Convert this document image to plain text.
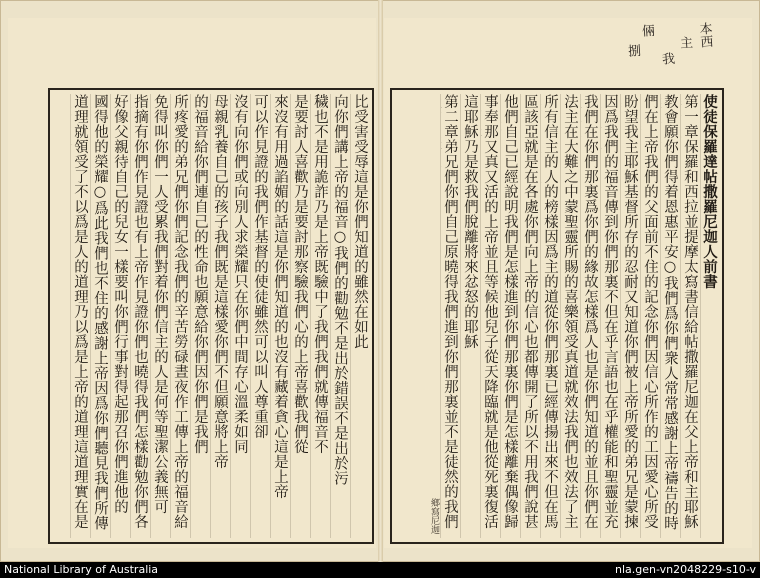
比受害受辱這是你們知道的雖然在如此
向你們講上帝的福音○我們的勸勉不是出於錯誤不是出於污
穢也不是用詭詐乃是上帝既驗中了我們我們就傳福音不
是要討人喜歡乃是要討那察驗我們心的上帝喜歡我們從
來沒有用過諂媚的話這是你們知道的也沒有藏着貪心這是上帝
可以作見證的我們作基督的使徒雖然可以叫人尊重卻
沒有向你們或向別人求榮耀只在你們中間存心溫柔如同
母親乳養自己的孩子我們既是這樣愛你們不但願意將上帝
的福音給你們連自己的性命也願意給你們因你們是我們
所疼愛的弟兄們你們記念我們的辛苦勞碌晝夜作工傳上帝的福音給
免得叫你們一人受累我們對着你們信主的人是何等聖潔公義無可
指摘有你們作見證也有上帝作見證你們也曉得我們怎樣勸勉你們各
好像父親待自己的兒女一樣要叫你們行事對得起那召你們進他的
國得他的榮耀○爲此我們也不住的感謝上帝因爲你們聽見我們所傳
道理就領受了不以爲是人的道理乃以爲是上帝的道理這道理實在是
本西
主
我
倆
捌
使徒保羅達帖撒羅尼迦人前書
第一章保羅和西拉並提摩太寫書信給帖撒羅尼迦在父上帝和主耶穌
教會願你們得着恩惠平安○我們爲你們衆人常常感謝上帝禱告的時
們在上帝我們的父面前不住的記念你們因信心所作的工因愛心所受
盼望我主耶穌基督所存的忍耐又知道你們被上帝所愛的弟兄是蒙揀
因爲我們的福音傳到你們那裏不但在乎言語也在乎權能和聖靈並充
我們在你們那裏爲你們的緣故怎樣爲人也是你們知道的並且你們在
法主在大難之中蒙聖靈所賜的喜樂領受真道就效法我們也效法了主
所有信主的人的榜樣因爲主的道從你們那裏已經傳揚出來不但在馬
區該亞就是在各處你們向上帝的信心也都傳開了所以不用我們說甚
他們自己已經說明我們是怎樣進到你們那裏你們是怎樣離棄偶像歸
事奉那又真又活的上帝並且等候他兒子從天降臨就是他從死裏復活
這耶穌乃是救我們脫離將來忿怒的耶穌
第二章弟兄們你們自己原曉得我們進到你們那裏並不是徒然的我們
鄉寫尼迦
National Library of Australia	nla.gen-vn2048229-s10-v
